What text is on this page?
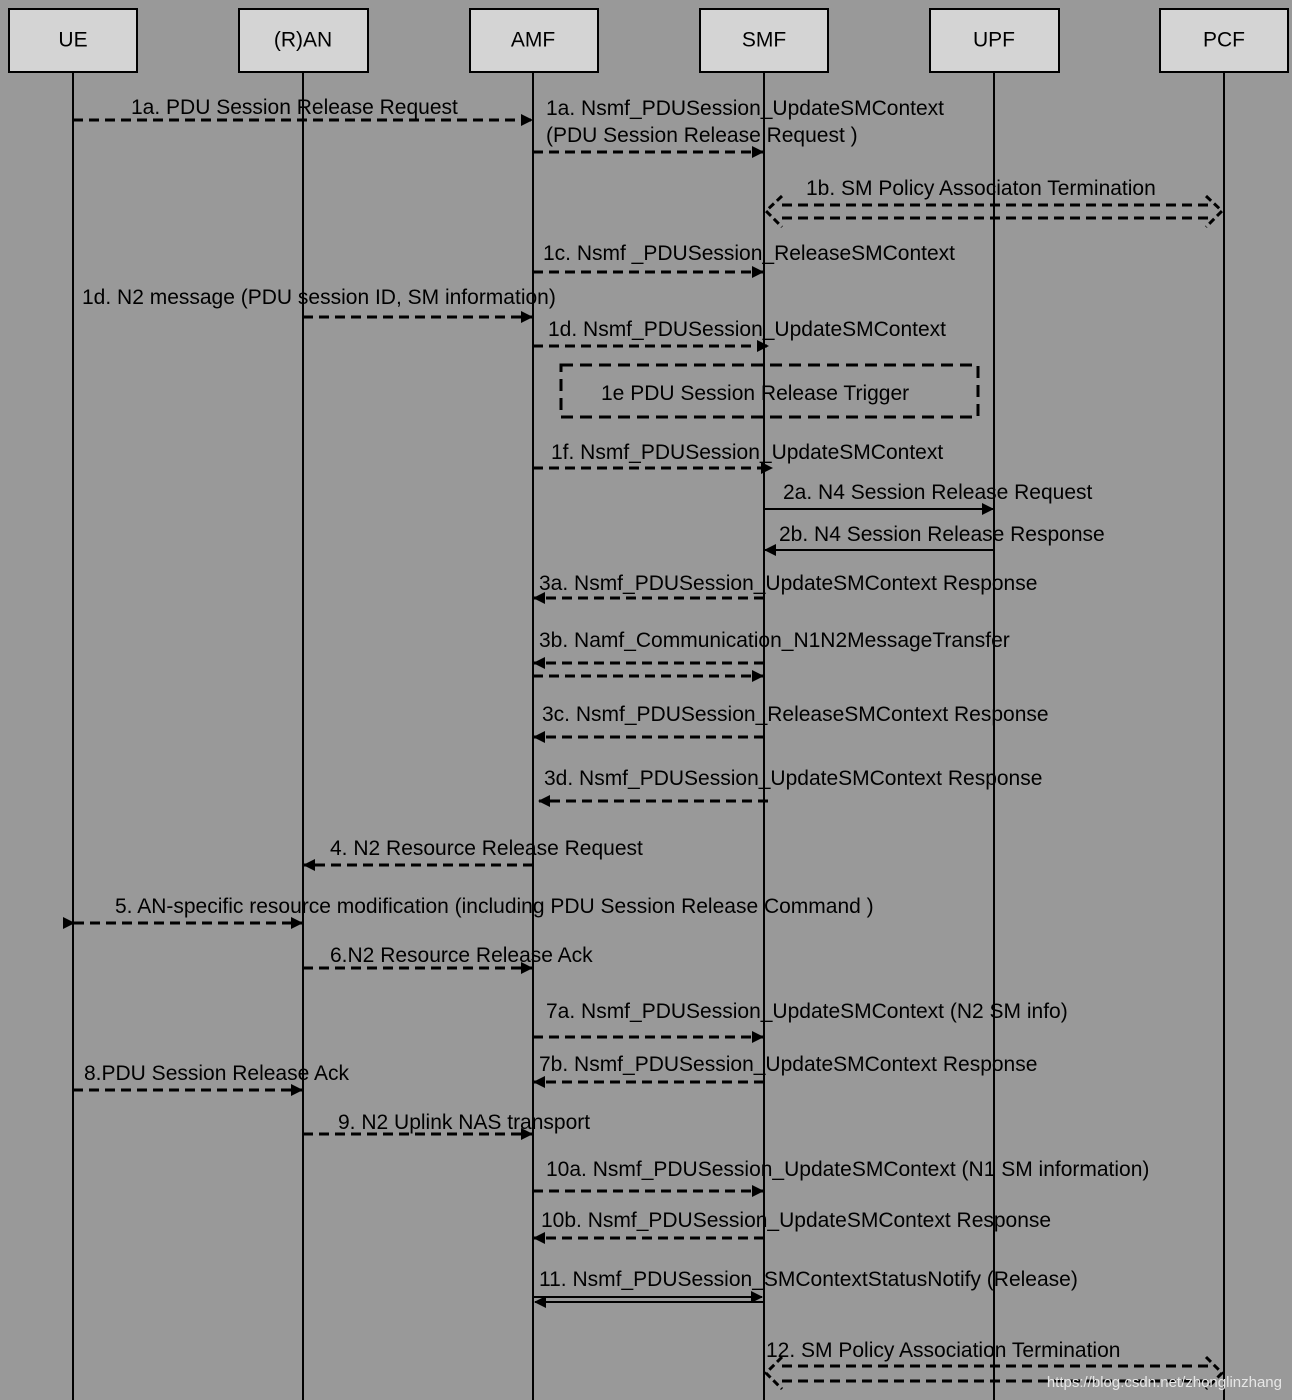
UE	(R)AN	AMF	SMF	UPF	PCF
1a. PDU Session Release Request	1a. Nsmf_PDUSession_UpdateSMContext
(PDU Session Release Request )
1b. SM Policy Associaton Termination
1c. Nsmf _PDUSession_ReleaseSMContext
1d. N2 message (PDU session ID, SM information)
1d. Nsmf_PDUSession_UpdateSMContext
1e PDU Session Release Trigger
1f. Nsmf_PDUSession_UpdateSMContext
2a. N4 Session Release Request
2b. N4 Session Release Response
3a. Nsmf_PDUSession_UpdateSMContext Response
3b. Namf_Communication_N1N2MessageTransfer
3c. Nsmf_PDUSession_ReleaseSMContext Response
3d. Nsmf_PDUSession_UpdateSMContext Response
4. N2 Resource Release Request
5. AN-specific resource modification (including PDU Session Release Command )
6.N2 Resource Release Ack
7a. Nsmf_PDUSession_UpdateSMContext (N2 SM info)
7b. Nsmf_PDUSession_UpdateSMContext Response
8.PDU Session Release Ack
9. N2 Uplink NAS transport
10a. Nsmf_PDUSession_UpdateSMContext (N1 SM information)
10b. Nsmf_PDUSession_UpdateSMContext Response
11. Nsmf_PDUSession_SMContextStatusNotify (Release)
12. SM Policy Association Termination
https://blog.csdn.net/zhonglinzhang
